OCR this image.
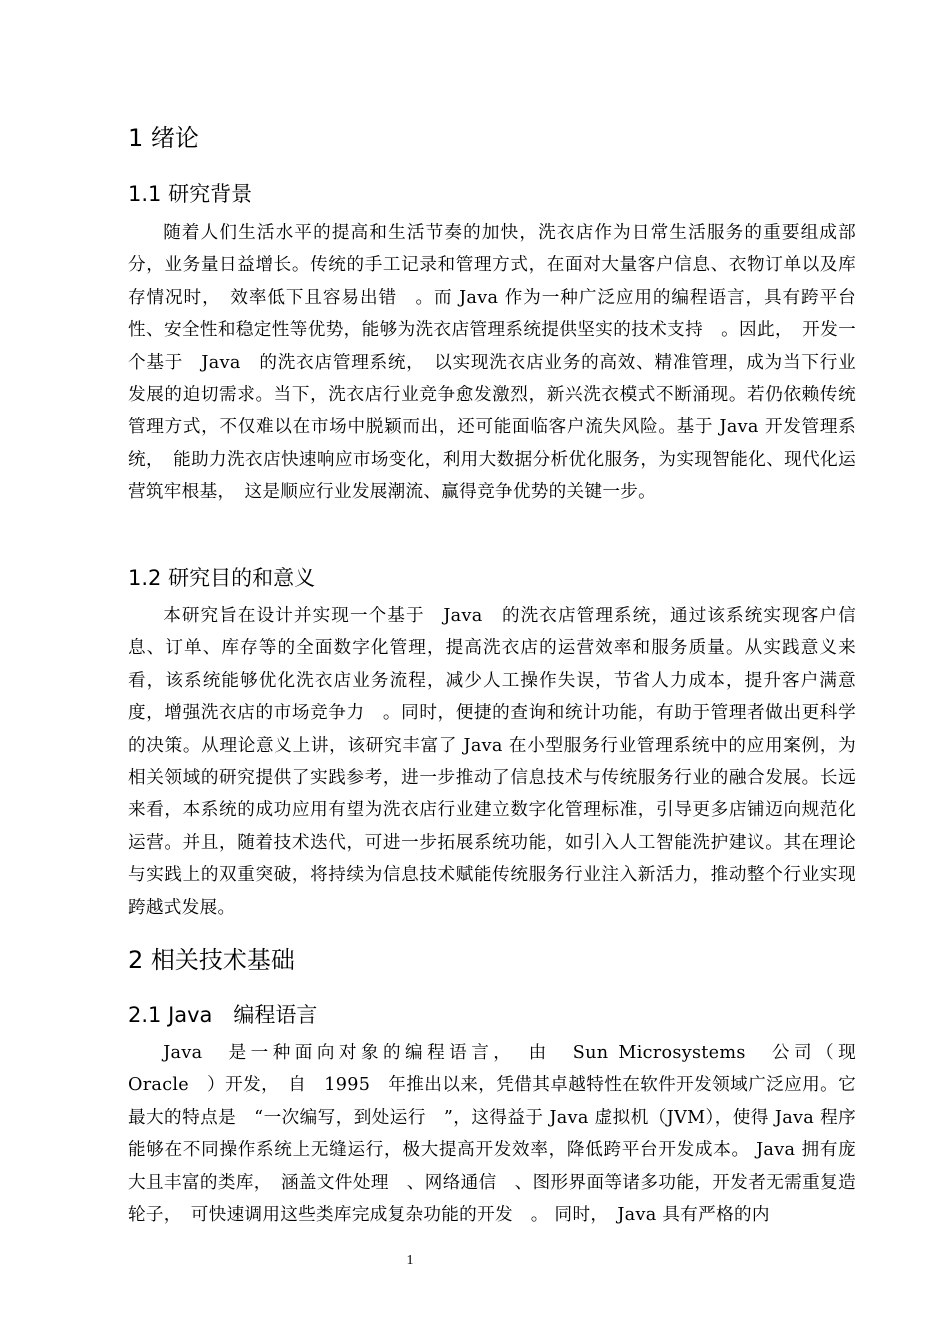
1 绪论
1.1 研究背景

随着人们生活水平的提高和生活节奏的加快，洗衣店作为日常生活服务的重要组成部分，业务量日益增长。传统的手工记录和管理方式，在面对大量客户信息、衣物订单以及库存情况时，　效率低下且容易出错　。而 Java 作为一种广泛应用的编程语言，具有跨平台性、安全性和稳定性等优势，能够为洗衣店管理系统提供坚实的技术支持　。因此，　开发一个基于　Java　的洗衣店管理系统，　以实现洗衣店业务的高效、精准管理，成为当下行业发展的迫切需求。当下，洗衣店行业竞争愈发激烈，新兴洗衣模式不断涌现。若仍依赖传统管理方式，不仅难以在市场中脱颖而出，还可能面临客户流失风险。基于 Java 开发管理系统，　能助力洗衣店快速响应市场变化，利用大数据分析优化服务，为实现智能化、现代化运营筑牢根基，　这是顺应行业发展潮流、赢得竞争优势的关键一步。

1.2 研究目的和意义

本研究旨在设计并实现一个基于　Java　的洗衣店管理系统，通过该系统实现客户信息、订单、库存等的全面数字化管理，提高洗衣店的运营效率和服务质量。从实践意义来看，该系统能够优化洗衣店业务流程，减少人工操作失误，节省人力成本，提升客户满意度，增强洗衣店的市场竞争力　。同时，便捷的查询和统计功能，有助于管理者做出更科学的决策。从理论意义上讲，该研究丰富了 Java 在小型服务行业管理系统中的应用案例，为相关领域的研究提供了实践参考，进一步推动了信息技术与传统服务行业的融合发展。长远来看，本系统的成功应用有望为洗衣店行业建立数字化管理标准，引导更多店铺迈向规范化运营。并且，随着技术迭代，可进一步拓展系统功能，如引入人工智能洗护建议。其在理论与实践上的双重突破，将持续为信息技术赋能传统服务行业注入新活力，推动整个行业实现跨越式发展。

2 相关技术基础
2.1 Java　编程语言

Java　是一种面向对象的编程语言，　由　Sun Microsystems　公司（现　Oracle　）开发，　自　1995　年推出以来，凭借其卓越特性在软件开发领域广泛应用。它最大的特点是　“一次编写，到处运行　”，这得益于 Java 虚拟机（JVM），使得 Java 程序能够在不同操作系统上无缝运行，极大提高开发效率，降低跨平台开发成本。 Java 拥有庞大且丰富的类库，　涵盖文件处理　、网络通信　、图形界面等诸多功能，开发者无需重复造轮子，　可快速调用这些类库完成复杂功能的开发　。 同时，　Java 具有严格的内

1
